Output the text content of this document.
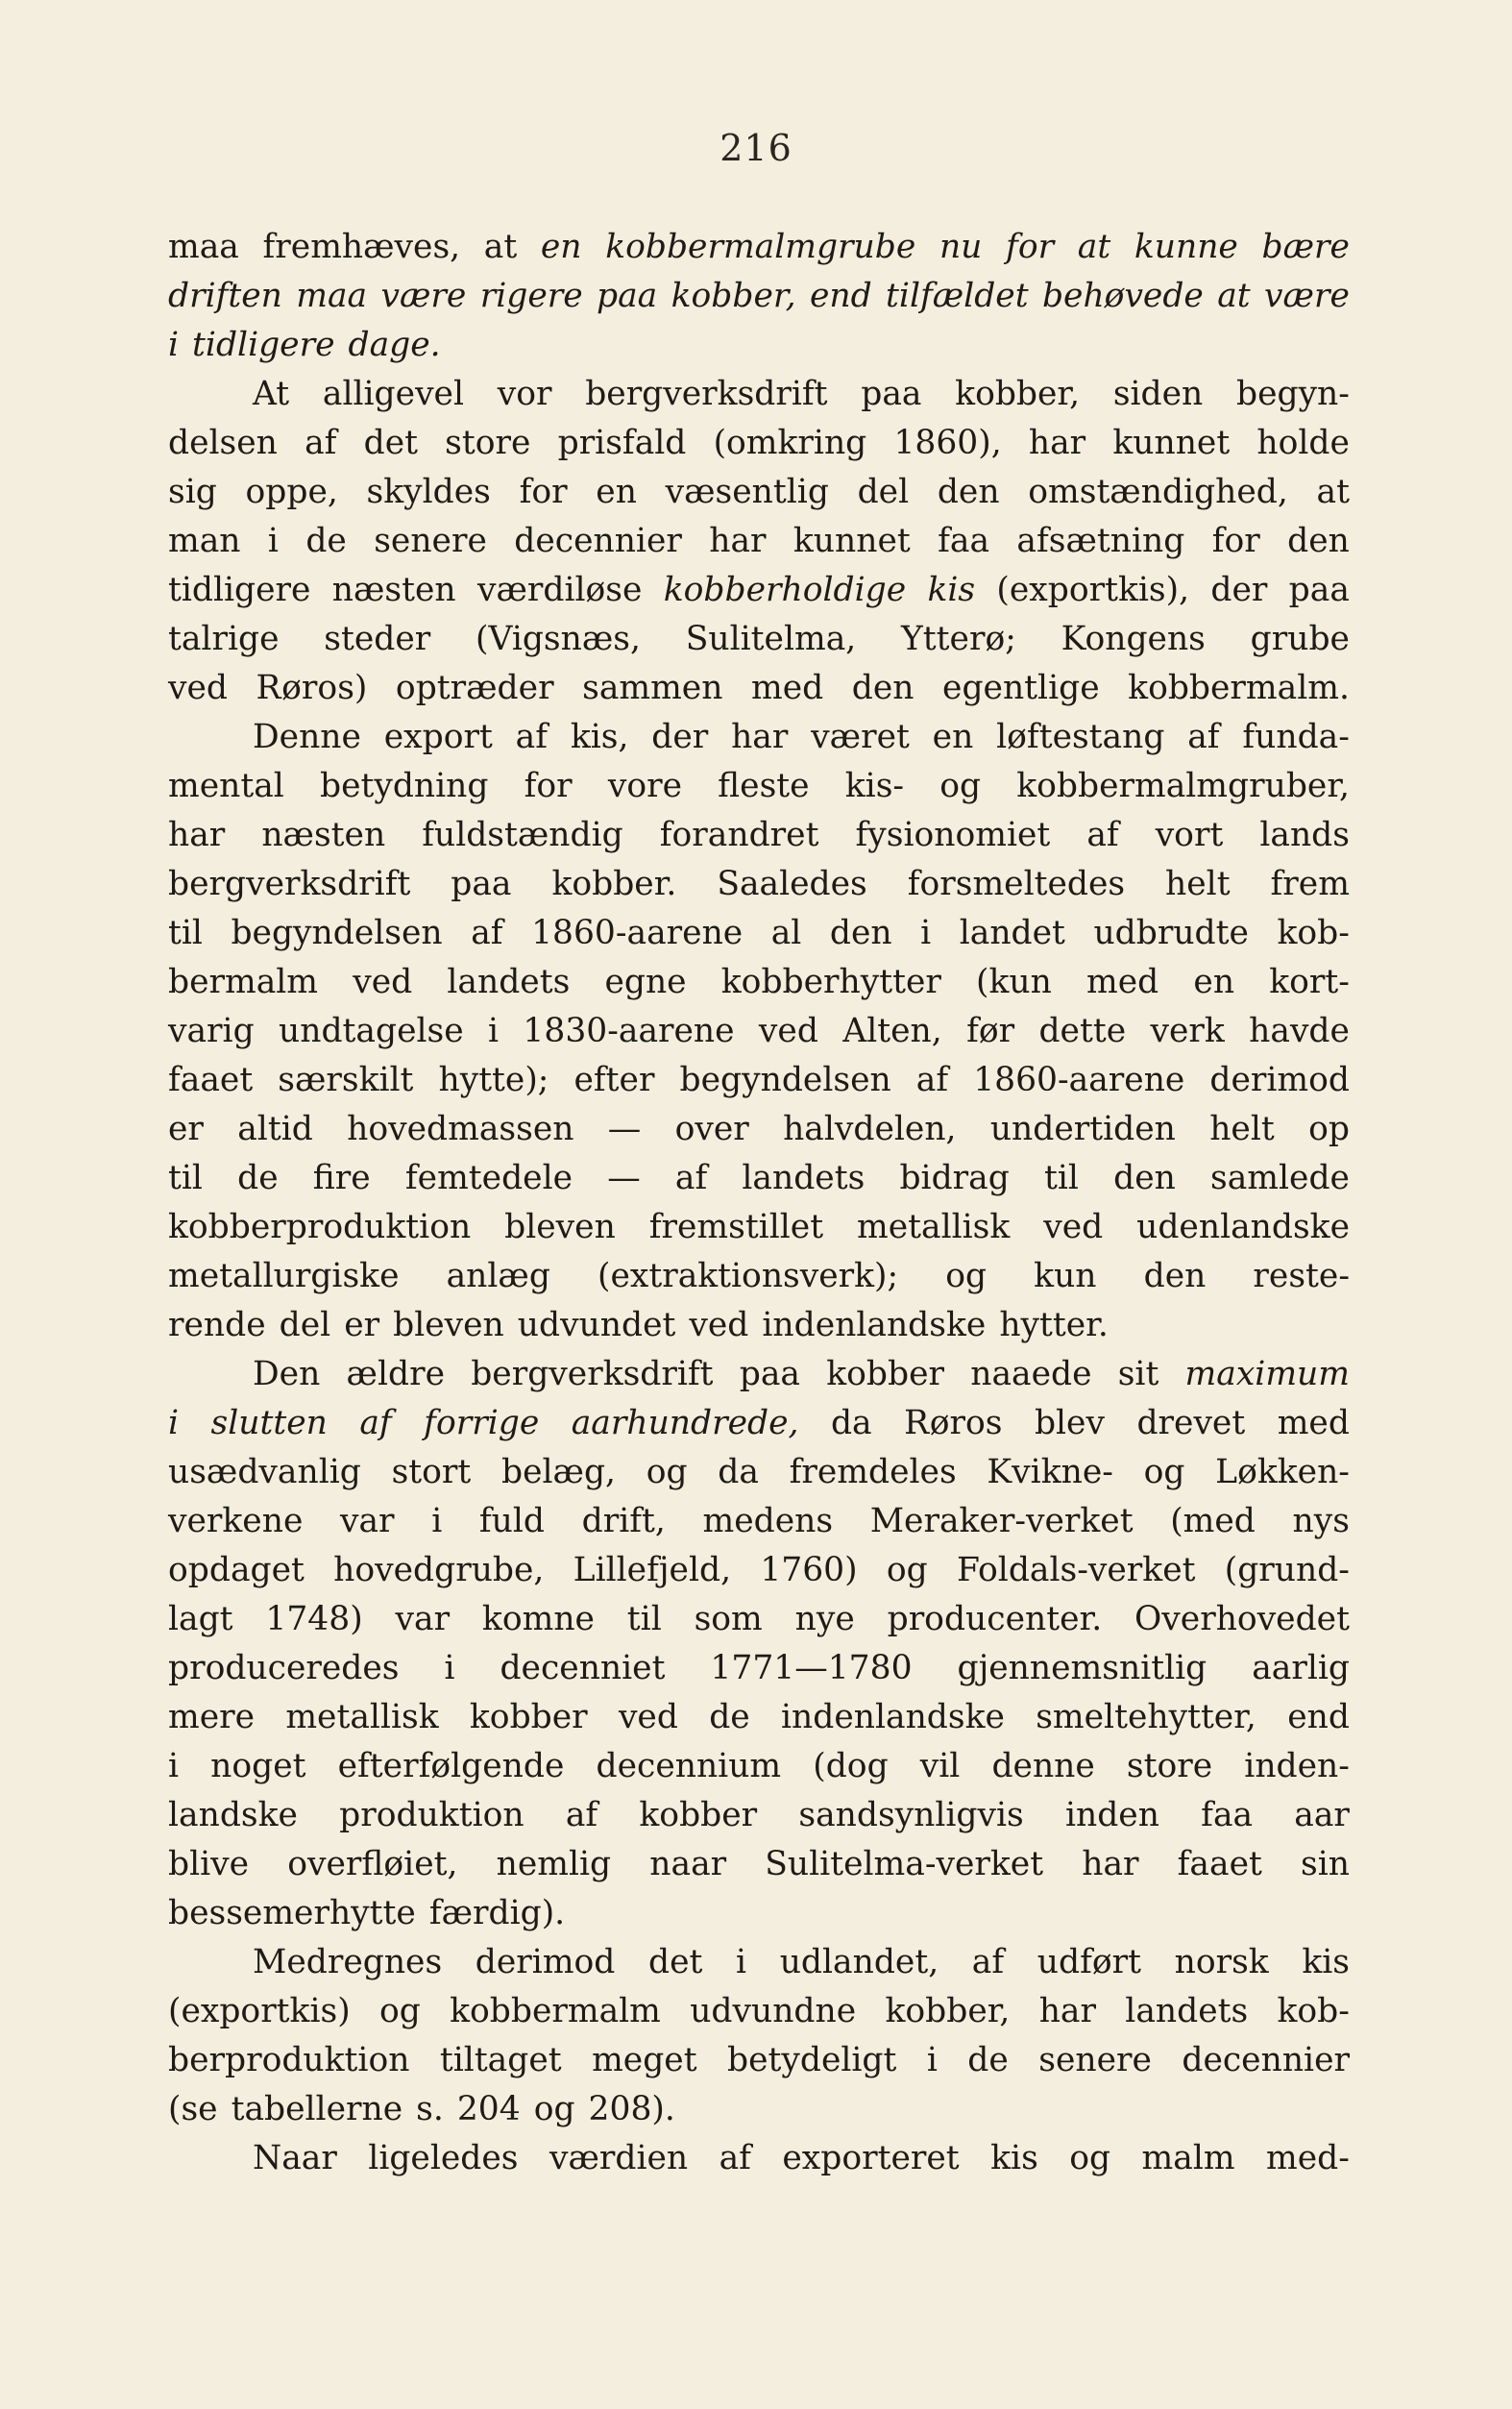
216
maa fremhæves, at en kobbermalmgrube nu for at kunne bære
driften maa være rigere paa kobber, end tilfældet behøvede at være
i tidligere dage.
At alligevel vor bergverksdrift paa kobber, siden begyn-
delsen af det store prisfald (omkring 1860), har kunnet holde
sig oppe, skyldes for en væsentlig del den omstændighed, at
man i de senere decennier har kunnet faa afsætning for den
tidligere næsten værdiløse kobberholdige kis (exportkis), der paa
talrige steder (Vigsnæs, Sulitelma, Ytterø; Kongens grube
ved Røros) optræder sammen med den egentlige kobbermalm.
Denne export af kis, der har været en løftestang af funda-
mental betydning for vore fleste kis- og kobbermalmgruber,
har næsten fuldstændig forandret fysionomiet af vort lands
bergverksdrift paa kobber. Saaledes forsmeltedes helt frem
til begyndelsen af 1860-aarene al den i landet udbrudte kob-
bermalm ved landets egne kobberhytter (kun med en kort-
varig undtagelse i 1830-aarene ved Alten, før dette verk havde
faaet særskilt hytte); efter begyndelsen af 1860-aarene derimod
er altid hovedmassen — over halvdelen, undertiden helt op
til de fire femtedele — af landets bidrag til den samlede
kobberproduktion bleven fremstillet metallisk ved udenlandske
metallurgiske anlæg (extraktionsverk); og kun den reste-
rende del er bleven udvundet ved indenlandske hytter.
Den ældre bergverksdrift paa kobber naaede sit maximum
i slutten af forrige aarhundrede, da Røros blev drevet med
usædvanlig stort belæg, og da fremdeles Kvikne- og Løkken-
verkene var i fuld drift, medens Meraker-verket (med nys
opdaget hovedgrube, Lillefjeld, 1760) og Foldals-verket (grund-
lagt 1748) var komne til som nye producenter. Overhovedet
produceredes i decenniet 1771—1780 gjennemsnitlig aarlig
mere metallisk kobber ved de indenlandske smeltehytter, end
i noget efterfølgende decennium (dog vil denne store inden-
landske produktion af kobber sandsynligvis inden faa aar
blive overfløiet, nemlig naar Sulitelma-verket har faaet sin
bessemerhytte færdig).
Medregnes derimod det i udlandet, af udført norsk kis
(exportkis) og kobbermalm udvundne kobber, har landets kob-
berproduktion tiltaget meget betydeligt i de senere decennier
(se tabellerne s. 204 og 208).
Naar ligeledes værdien af exporteret kis og malm med-
